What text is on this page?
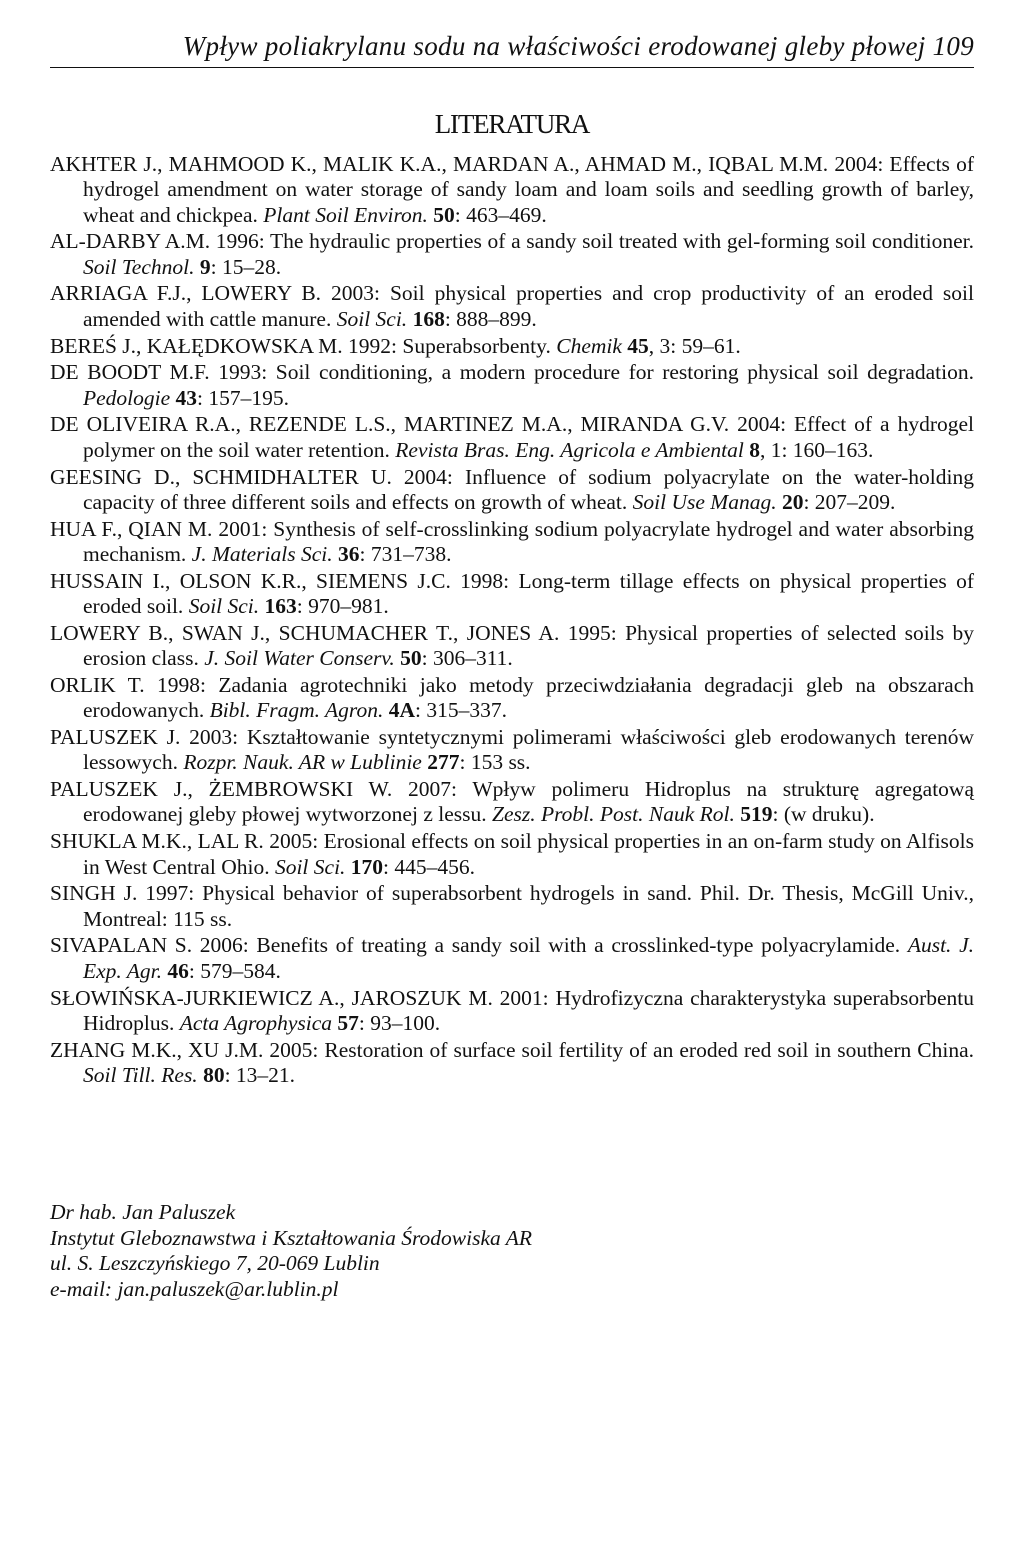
Wpływ poliakrylanu sodu na właściwości erodowanej gleby płowej 109
LITERATURA

AKHTER J., MAHMOOD K., MALIK K.A., MARDAN A., AHMAD M., IQBAL M.M. 2004: Effects of hydrogel amendment on water storage of sandy loam and loam soils and seedling growth of barley, wheat and chickpea. Plant Soil Environ. 50: 463–469.

AL-DARBY A.M. 1996: The hydraulic properties of a sandy soil treated with gel-forming soil conditioner. Soil Technol. 9: 15–28.

ARRIAGA F.J., LOWERY B. 2003: Soil physical properties and crop productivity of an eroded soil amended with cattle manure. Soil Sci. 168: 888–899.

BEREŚ J., KAŁĘDKOWSKA M. 1992: Superabsorbenty. Chemik 45, 3: 59–61.

DE BOODT M.F. 1993: Soil conditioning, a modern procedure for restoring physical soil degradation. Pedologie 43: 157–195.

DE OLIVEIRA R.A., REZENDE L.S., MARTINEZ M.A., MIRANDA G.V. 2004: Effect of a hydrogel polymer on the soil water retention. Revista Bras. Eng. Agricola e Ambiental 8, 1: 160–163.

GEESING D., SCHMIDHALTER U. 2004: Influence of sodium polyacrylate on the water-holding capacity of three different soils and effects on growth of wheat. Soil Use Manag. 20: 207–209.

HUA F., QIAN M. 2001: Synthesis of self-crosslinking sodium polyacrylate hydrogel and water absorbing mechanism. J. Materials Sci. 36: 731–738.

HUSSAIN I., OLSON K.R., SIEMENS J.C. 1998: Long-term tillage effects on physical properties of eroded soil. Soil Sci. 163: 970–981.

LOWERY B., SWAN J., SCHUMACHER T., JONES A. 1995: Physical properties of selected soils by erosion class. J. Soil Water Conserv. 50: 306–311.

ORLIK T. 1998: Zadania agrotechniki jako metody przeciwdziałania degradacji gleb na obszarach erodowanych. Bibl. Fragm. Agron. 4A: 315–337.

PALUSZEK J. 2003: Kształtowanie syntetycznymi polimerami właściwości gleb erodowanych terenów lessowych. Rozpr. Nauk. AR w Lublinie 277: 153 ss.

PALUSZEK J., ŻEMBROWSKI W. 2007: Wpływ polimeru Hidroplus na strukturę agregatową erodowanej gleby płowej wytworzonej z lessu. Zesz. Probl. Post. Nauk Rol. 519: (w druku).

SHUKLA M.K., LAL R. 2005: Erosional effects on soil physical properties in an on-farm study on Alfisols in West Central Ohio. Soil Sci. 170: 445–456.

SINGH J. 1997: Physical behavior of superabsorbent hydrogels in sand. Phil. Dr. Thesis, McGill Univ., Montreal: 115 ss.

SIVAPALAN S. 2006: Benefits of treating a sandy soil with a crosslinked-type polyacrylamide. Aust. J. Exp. Agr. 46: 579–584.

SŁOWIŃSKA-JURKIEWICZ A., JAROSZUK M. 2001: Hydrofizyczna charakterystyka superabsorbentu Hidroplus. Acta Agrophysica 57: 93–100.

ZHANG M.K., XU J.M. 2005: Restoration of surface soil fertility of an eroded red soil in southern China. Soil Till. Res. 80: 13–21.

Dr hab. Jan Paluszek
Instytut Gleboznawstwa i Kształtowania Środowiska AR
ul. S. Leszczyńskiego 7, 20-069 Lublin
e-mail: jan.paluszek@ar.lublin.pl
